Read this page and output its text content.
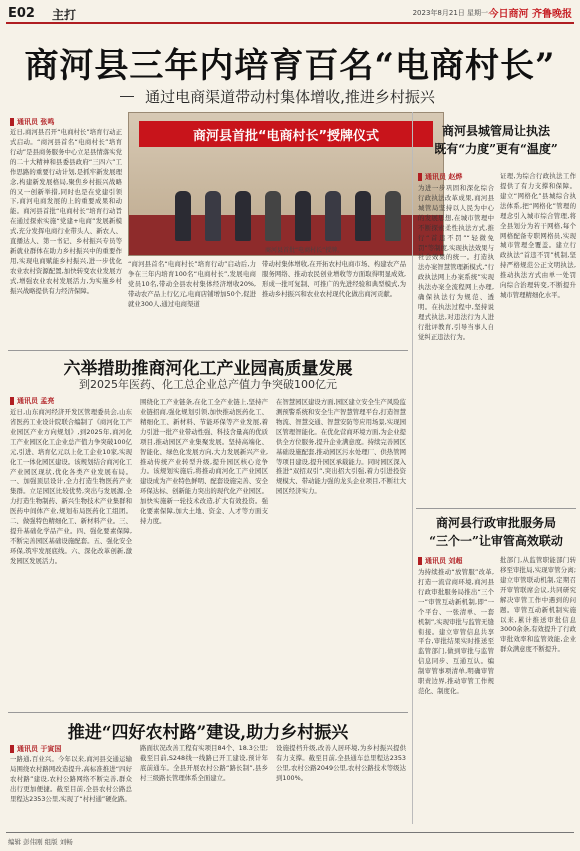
E02 主打	2023年8月21日 星期一 今日商河 齐鲁晚报
商河县三年内培育百名“电商村长”
通过电商渠道带动村集体增收,推进乡村振兴
通讯员 张鸣
近日,商河县召开“电商村长”培育行动正式启动。“商河县首名“电商村长”培育行动”是县商务服务中心立足县情落实党的二十大精神和县委县政府“三四六”工作思路的重要行动计划,是抓牢新发展理念,构建新发展格局,聚焦乡村振兴战略的又一创新举措,同时也是在党建引领下,商河电商发展的上的重要成果和动能。商河县首批“电商村长”培育行动旨在通过探索实施“党建+电商”发展新模式,充分发挥电商行业带头人、新农人、直播达人、第一书记、乡村振兴专员等新就业群体在助力乡村振兴中的重要作用,实现电商赋能乡村振兴,进一步优化农业农村资源配置,加快转变农业发展方式,增强农业农村发展活力,为实施乡村振兴战略提供有力经济保障。
商河县首批“电商村长”授牌仪式
商河县首批“电商村长”授牌。
“商河县首名“电商村长”培育行动”启动后,力争在三年内培育100名“电商村长”,发展电商党员10名,带动全县农村集体经济增收20%,带动农产品上行亿元,电商店铺增加50个,促进就业300人,通过电商渠道
带动村集体增收,在开拓农村电商市场、构建农产品服务网络、推动农民创业增收等方面取得明显成效,形成一批可复制、可推广的先进经验和典型模式,为推动乡村振兴和农业农村现代化做出商河贡献。
六举措助推商河化工产业园高质量发展
到2025年医药、化工总企业总产值力争突破100亿元
通讯员 孟亮
近日,山东商河经济开发区管理委员会,山东省医药工业设计院联合编制了《商河化工产业园区产业方向规划》,到2025年,商河化工产业园区化工企业总产值力争突破100亿元,引进、培育亿元以上化工企业10家,实现化工一体化园区建设。该规划结合商河化工产业园区现状,优化各类产业发展布局。一、加强顶层设计,全力打造生物医药产业集群。立足园区比较优势,突出与发展源,全力打造生物制药、新兴生物技术产业集群和医药中间体产业,规划布局医药化工组团。二、做强特色精细化工、新材料产业。三、提升基础化学品产业。四、强化要素保障,不断完善园区基础设施配套。五、强化安全环保,筑牢发展底线。六、深化改革创新,激发园区发展活力。
围绕化工产业链条,在化工全产业链上,坚持产业链招商,强化规划引领,加快推动医药化工、精细化工、新材料、节能环保等产业发展,着力引进一批产业带动性强、科技含量高的优质项目,推动园区产业集聚发展。坚持高端化、智能化、绿色化发展方向,大力发展新兴产业,推动传统产业转型升级,提升园区核心竞争力。该规划实施后,将推动商河化工产业园区建设成为产业特色鲜明、配套设施完善、安全环保达标、创新能力突出的现代化产业园区。加快实施新一轮技术改造,扩大有效投资。强化要素保障,加大土地、资金、人才等方面支持力度。
在智慧园区建设方面,园区建立安全生产风险监测预警系统和安全生产智慧管理平台,打造智慧物流、智慧交通、智慧安防等应用场景,实现园区管理智能化。在优化营商环境方面,为企业提供全方位服务,提升企业满意度。持续完善园区基础设施配套,推动园区污水处理厂、供热管网等项目建设,提升园区承载能力。同时园区深入推进“双招双引”,突出招大引强,着力引进投资规模大、带动能力强的龙头企业项目,不断壮大园区经济实力。
推进“四好农村路”建设,助力乡村振兴
通讯员 于寅国
一路通,百业兴。今年以来,商河县交通运输局围绕农村路网改造提升,高标准推进“四好农村路”建设,农村公路网络不断完善,群众出行更加便捷。截至目前,全县农村公路总里程达2353公里,实现了“村村通”硬化路。
路面状况改善工程有实项目84个、18.3公里;截至目前,S248线一线路已开工建设,预计年底前通车。全县开展农村公路“路长制”,县乡村三级路长管理体系全面建立。
设施提档升级,改善人居环境,为乡村振兴提供有力支撑。截至目前,全县通车总里程达2353公里,农村公路2049公里,农村公路技术等级达到100%。
商河县城管局让执法
既有“力度”更有“温度”
通讯员 赵烨
为进一步巩固和深化综合行政执法改革成果,商河县城管局坚持以人民为中心的发展思想,在城市管理中不断探索柔性执法方式,推行“首违不罚”“轻微免罚”等制度,实现执法效果与社会效果的统一。打造执法办案智慧管理新模式,“行政执法网上办案系统”实现执法办案全流程网上办理,确保执法行为规范、透明。在执法过程中,坚持说理式执法,对违法行为人进行批评教育,引导当事人自觉纠正违法行为。
证理,为综合行政执法工作提供了有力支撑和保障。建立“网格化”县城综合执法体系,把“网格化”管理的理念引入城市综合管理,将全县划分为若干网格,每个网格配备专职网格员,实现城市管理全覆盖。建立行政执法“首违不罚”机制,坚持严格规范公正文明执法,推动执法方式由单一处罚向综合治理转变,不断提升城市管理精细化水平。
商河县行政审批服务局
“三个一”让审管高效联动
通讯员 刘超
为持续推动“放管服”改革,打造一流营商环境,商河县行政审批服务局推出“三个一”审管互动新机制,即“一个平台、一张清单、一套机制”,实现审批与监管无缝衔接。建立审管信息共享平台,审批结果实时推送至监管部门,做到审批与监管信息同步、互通互认。编制审管事项清单,明确审管职责边界,推动审管工作规范化、制度化。
批部门,从监管职能部门转移至审批局,实现审管分离;建立审管联动机制,定期召开审管联席会议,共同研究解决审管工作中遇到的问题。审管互动新机制实施以来,累计推送审批信息3000余条,有效提升了行政审批效率和监管效能,企业群众满意度不断提升。
编辑 彭伟刚 组版 刘畅
